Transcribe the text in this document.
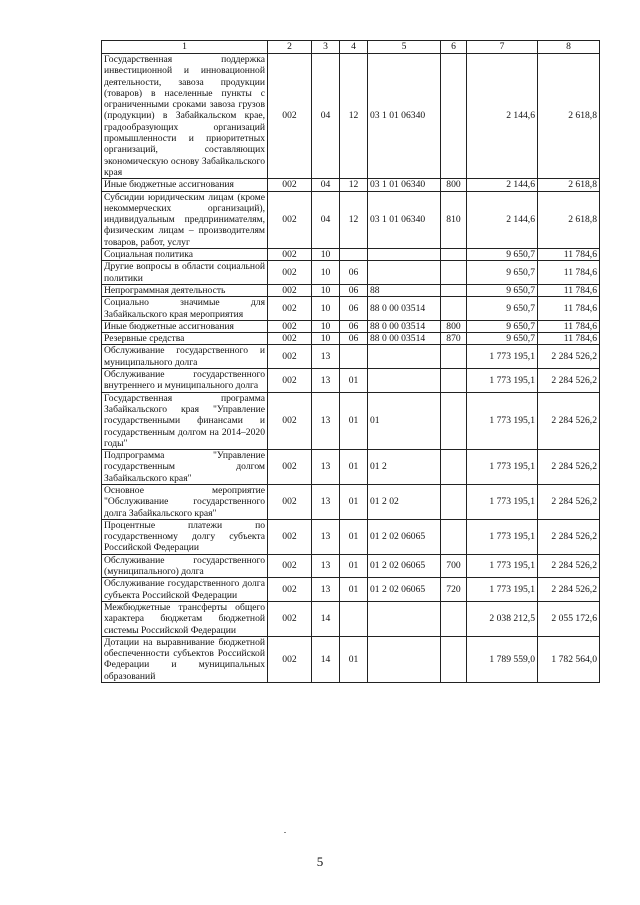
1	2	3	4	5	6	7	8
Государственная поддержка инвестиционной и инновационной деятельности, завоза продукции (товаров) в населенные пункты с ограниченными сроками завоза грузов (продукции) в Забайкальском крае, градообразующих организаций промышленности и приоритетных организаций, составляющих экономическую основу Забайкальского края	002	04	12	03 1 01 06340		2 144,6	2 618,8
Иные бюджетные ассигнования	002	04	12	03 1 01 06340	800	2 144,6	2 618,8
Субсидии юридическим лицам (кроме некоммерческих организаций), индивидуальным предпринимателям, физическим лицам – производителям товаров, работ, услуг	002	04	12	03 1 01 06340	810	2 144,6	2 618,8
Социальная политика	002	10				9 650,7	11 784,6
Другие вопросы в области социальной политики	002	10	06			9 650,7	11 784,6
Непрограммная деятельность	002	10	06	88		9 650,7	11 784,6
Социально значимые для Забайкальского края мероприятия	002	10	06	88 0 00 03514		9 650,7	11 784,6
Иные бюджетные ассигнования	002	10	06	88 0 00 03514	800	9 650,7	11 784,6
Резервные средства	002	10	06	88 0 00 03514	870	9 650,7	11 784,6
Обслуживание государственного и муниципального долга	002	13				1 773 195,1	2 284 526,2
Обслуживание государственного внутреннего и муниципального долга	002	13	01			1 773 195,1	2 284 526,2
Государственная программа Забайкальского края "Управление государственными финансами и государственным долгом на 2014–2020 годы"	002	13	01	01		1 773 195,1	2 284 526,2
Подпрограмма "Управление государственным долгом Забайкальского края"	002	13	01	01 2		1 773 195,1	2 284 526,2
Основное мероприятие "Обслуживание государственного долга Забайкальского края"	002	13	01	01 2 02		1 773 195,1	2 284 526,2
Процентные платежи по государственному долгу субъекта Российской Федерации	002	13	01	01 2 02 06065		1 773 195,1	2 284 526,2
Обслуживание государственного (муниципального) долга	002	13	01	01 2 02 06065	700	1 773 195,1	2 284 526,2
Обслуживание государственного долга субъекта Российской Федерации	002	13	01	01 2 02 06065	720	1 773 195,1	2 284 526,2
Межбюджетные трансферты общего характера бюджетам бюджетной системы Российской Федерации	002	14				2 038 212,5	2 055 172,6
Дотации на выравнивание бюджетной обеспеченности субъектов Российской Федерации и муниципальных образований	002	14	01			1 789 559,0	1 782 564,0
5
